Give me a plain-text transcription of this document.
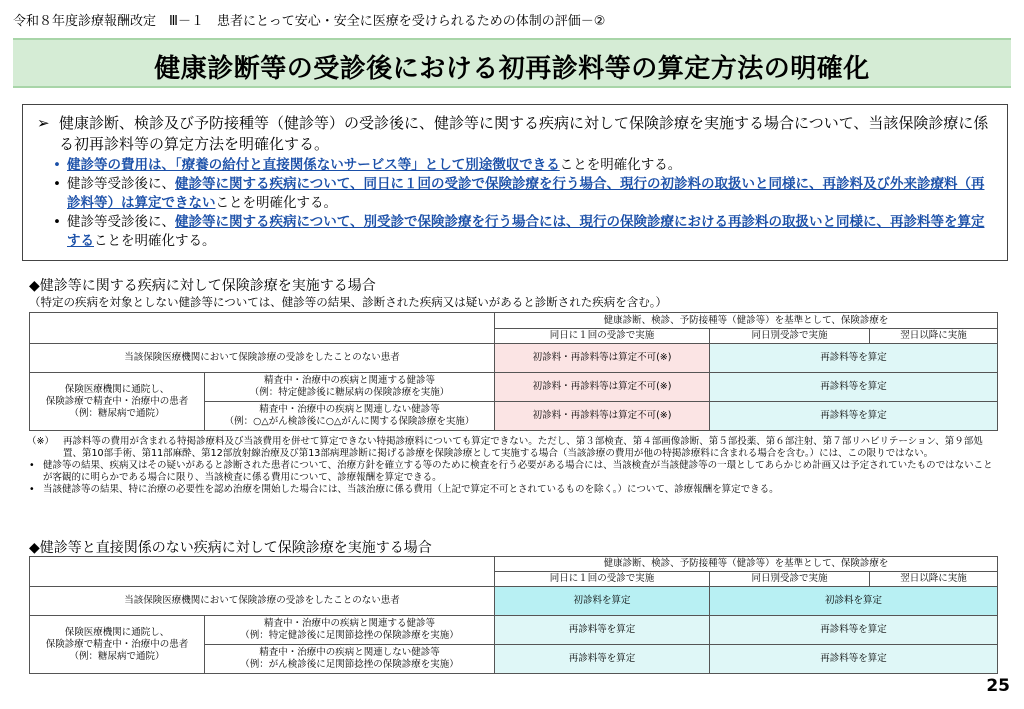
令和８年度診療報酬改定　Ⅲ－１　患者にとって安心・安全に医療を受けられるための体制の評価－②
健康診断等の受診後における初再診料等の算定方法の明確化

➢ 健康診断、検診及び予防接種等（健診等）の受診後に、健診等に関する疾病に対して保険診療を実施する場合について、当該保険診療に係る初再診料等の算定方法を明確化する。

• 健診等の費用は、「療養の給付と直接関係ないサービス等」として別途徴収できることを明確化する。
• 健診等受診後に、健診等に関する疾病について、同日に１回の受診で保険診療を行う場合、現行の初診料の取扱いと同様に、再診料及び外来診療料（再診料等）は算定できないことを明確化する。
• 健診等受診後に、健診等に関する疾病について、別受診で保険診療を行う場合には、現行の保険診療における再診料の取扱いと同様に、再診料等を算定することを明確化する。
◆健診等に関する疾病に対して保険診療を実施する場合
（特定の疾病を対象としない健診等については、健診等の結果、診断された疾病又は疑いがあると診断された疾病を含む。）
		健康診断、検診、予防接種等（健診等）を基準として、保険診療を		
		同日に１回の受診で実施	同日別受診で実施	翌日以降に実施
当該保険医療機関において保険診療の受診をしたことのない患者		初診料・再診料等は算定不可(※)	再診料等を算定	
保険医療機関に通院し、
保険診療で精査中・治療中の患者
（例：糖尿病で通院）	精査中・治療中の疾病と関連する健診等
（例：特定健診後に糖尿病の保険診療を実施）	初診料・再診料等は算定不可(※)	再診料等を算定	
	精査中・治療中の疾病と関連しない健診等
（例：○△がん検診後に○△がんに関する保険診療を実施）	初診料・再診料等は算定不可(※)	再診料等を算定	

（※） 再診料等の費用が含まれる特掲診療料及び当該費用を併せて算定できない特掲診療料についても算定できない。ただし、第３部検査、第４部画像診断、第５部投薬、第６部注射、第７部リハビリテーション、第９部処置、第10部手術、第11部麻酔、第12部放射線治療及び第13部病理診断に掲げる診療を保険診療として実施する場合（当該診療の費用が他の特掲診療料に含まれる場合を含む。）には、この限りではない。

• 健診等の結果、疾病又はその疑いがあると診断された患者について、治療方針を確立する等のために検査を行う必要がある場合には、当該検査が当該健診等の一環としてあらかじめ計画又は予定されていたものではないことが客観的に明らかである場合に限り、当該検査に係る費用について、診療報酬を算定できる。

• 当該健診等の結果、特に治療の必要性を認め治療を開始した場合には、当該治療に係る費用（上記で算定不可とされているものを除く。）について、診療報酬を算定できる。

◆健診等と直接関係のない疾病に対して保険診療を実施する場合
		健康診断、検診、予防接種等（健診等）を基準として、保険診療を		
		同日に１回の受診で実施	同日別受診で実施	翌日以降に実施
当該保険医療機関において保険診療の受診をしたことのない患者		初診料を算定	初診料を算定	
保険医療機関に通院し、
保険診療で精査中・治療中の患者
（例：糖尿病で通院）	精査中・治療中の疾病と関連する健診等
（例：特定健診後に足関節捻挫の保険診療を実施）	再診料等を算定	再診料等を算定	
	精査中・治療中の疾病と関連しない健診等
（例：がん検診後に足関節捻挫の保険診療を実施）	再診料等を算定	再診料等を算定	
25
